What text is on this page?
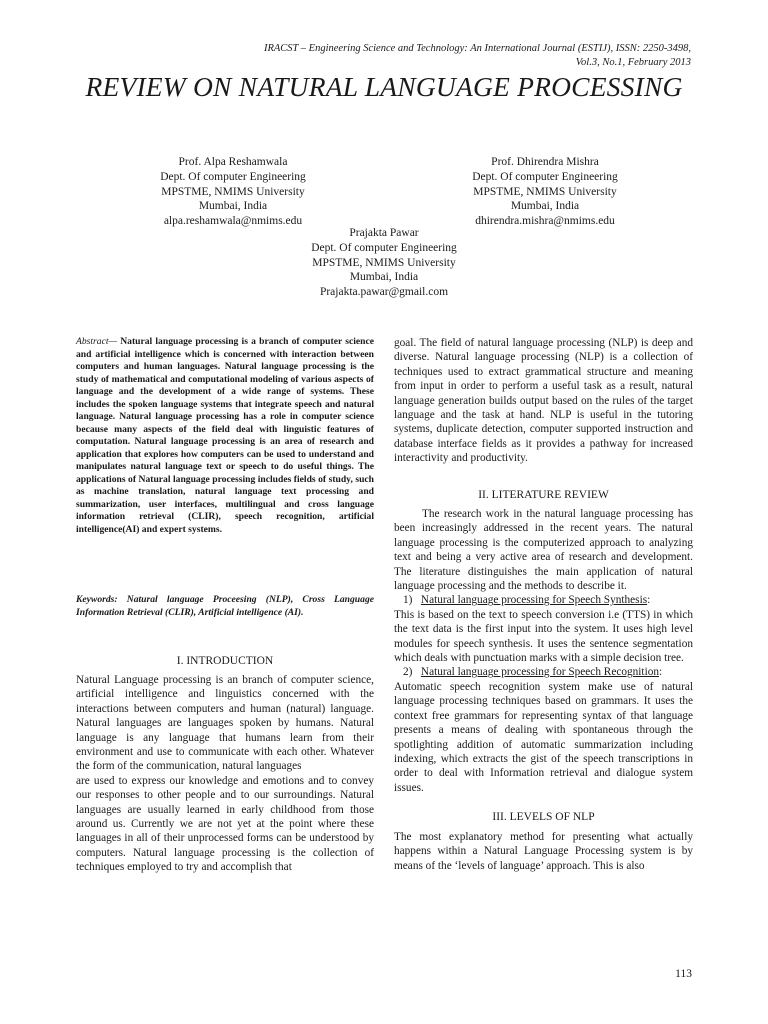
IRACST – Engineering Science and Technology: An International Journal (ESTIJ), ISSN: 2250-3498,
Vol.3, No.1, February 2013
REVIEW ON NATURAL LANGUAGE PROCESSING
Prof. Alpa Reshamwala
Dept. Of computer Engineering
MPSTME, NMIMS University
Mumbai, India
alpa.reshamwala@nmims.edu
Prof. Dhirendra Mishra
Dept. Of computer Engineering
MPSTME, NMIMS University
Mumbai, India
dhirendra.mishra@nmims.edu
Prajakta Pawar
Dept. Of computer Engineering
MPSTME, NMIMS University
Mumbai, India
Prajakta.pawar@gmail.com
Abstract— Natural language processing is a branch of computer science and artificial intelligence which is concerned with interaction between computers and human languages. Natural language processing is the study of mathematical and computational modeling of various aspects of language and the development of a wide range of systems. These includes the spoken language systems that integrate speech and natural language. Natural language processing has a role in computer science because many aspects of the field deal with linguistic features of computation. Natural language processing is an area of research and application that explores how computers can be used to understand and manipulates natural language text or speech to do useful things. The applications of Natural language processing includes fields of study, such as machine translation, natural language text processing and summarization, user interfaces, multilingual and cross language information retrieval (CLIR), speech recognition, artificial intelligence(AI) and expert systems.
Keywords: Natural language Proceesing (NLP), Cross Language Information Retrieval (CLIR), Artificial intelligence (AI).
I. INTRODUCTION

Natural Language processing is an branch of computer science, artificial intelligence and linguistics concerned with the interactions between computers and human (natural) language. Natural languages are languages spoken by humans. Natural language is any language that humans learn from their environment and use to communicate with each other. Whatever the form of the communication, natural languages

are used to express our knowledge and emotions and to convey our responses to other people and to our surroundings. Natural languages are usually learned in early childhood from those around us. Currently we are not yet at the point where these languages in all of their unprocessed forms can be understood by computers. Natural language processing is the collection of techniques employed to try and accomplish that

goal. The field of natural language processing (NLP) is deep and diverse. Natural language processing (NLP) is a collection of techniques used to extract grammatical structure and meaning from input in order to perform a useful task as a result, natural language generation builds output based on the rules of the target language and the task at hand. NLP is useful in the tutoring systems, duplicate detection, computer supported instruction and database interface fields as it provides a pathway for increased interactivity and productivity.

II. LITERATURE REVIEW

The research work in the natural language processing has been increasingly addressed in the recent years. The natural language processing is the computerized approach to analyzing text and being a very active area of research and development. The literature distinguishes the main application of natural language processing and the methods to describe it.

1) Natural language processing for Speech Synthesis:

This is based on the text to speech conversion i.e (TTS) in which the text data is the first input into the system. It uses high level modules for speech synthesis. It uses the sentence segmentation which deals with punctuation marks with a simple decision tree.

2) Natural language processing for Speech Recognition:

Automatic speech recognition system make use of natural language processing techniques based on grammars. It uses the context free grammars for representing syntax of that language presents a means of dealing with spontaneous through the spotlighting addition of automatic summarization including indexing, which extracts the gist of the speech transcriptions in order to deal with Information retrieval and dialogue system issues.

III. LEVELS OF NLP

The most explanatory method for presenting what actually happens within a Natural Language Processing system is by means of the ‘levels of language’ approach. This is also

113
